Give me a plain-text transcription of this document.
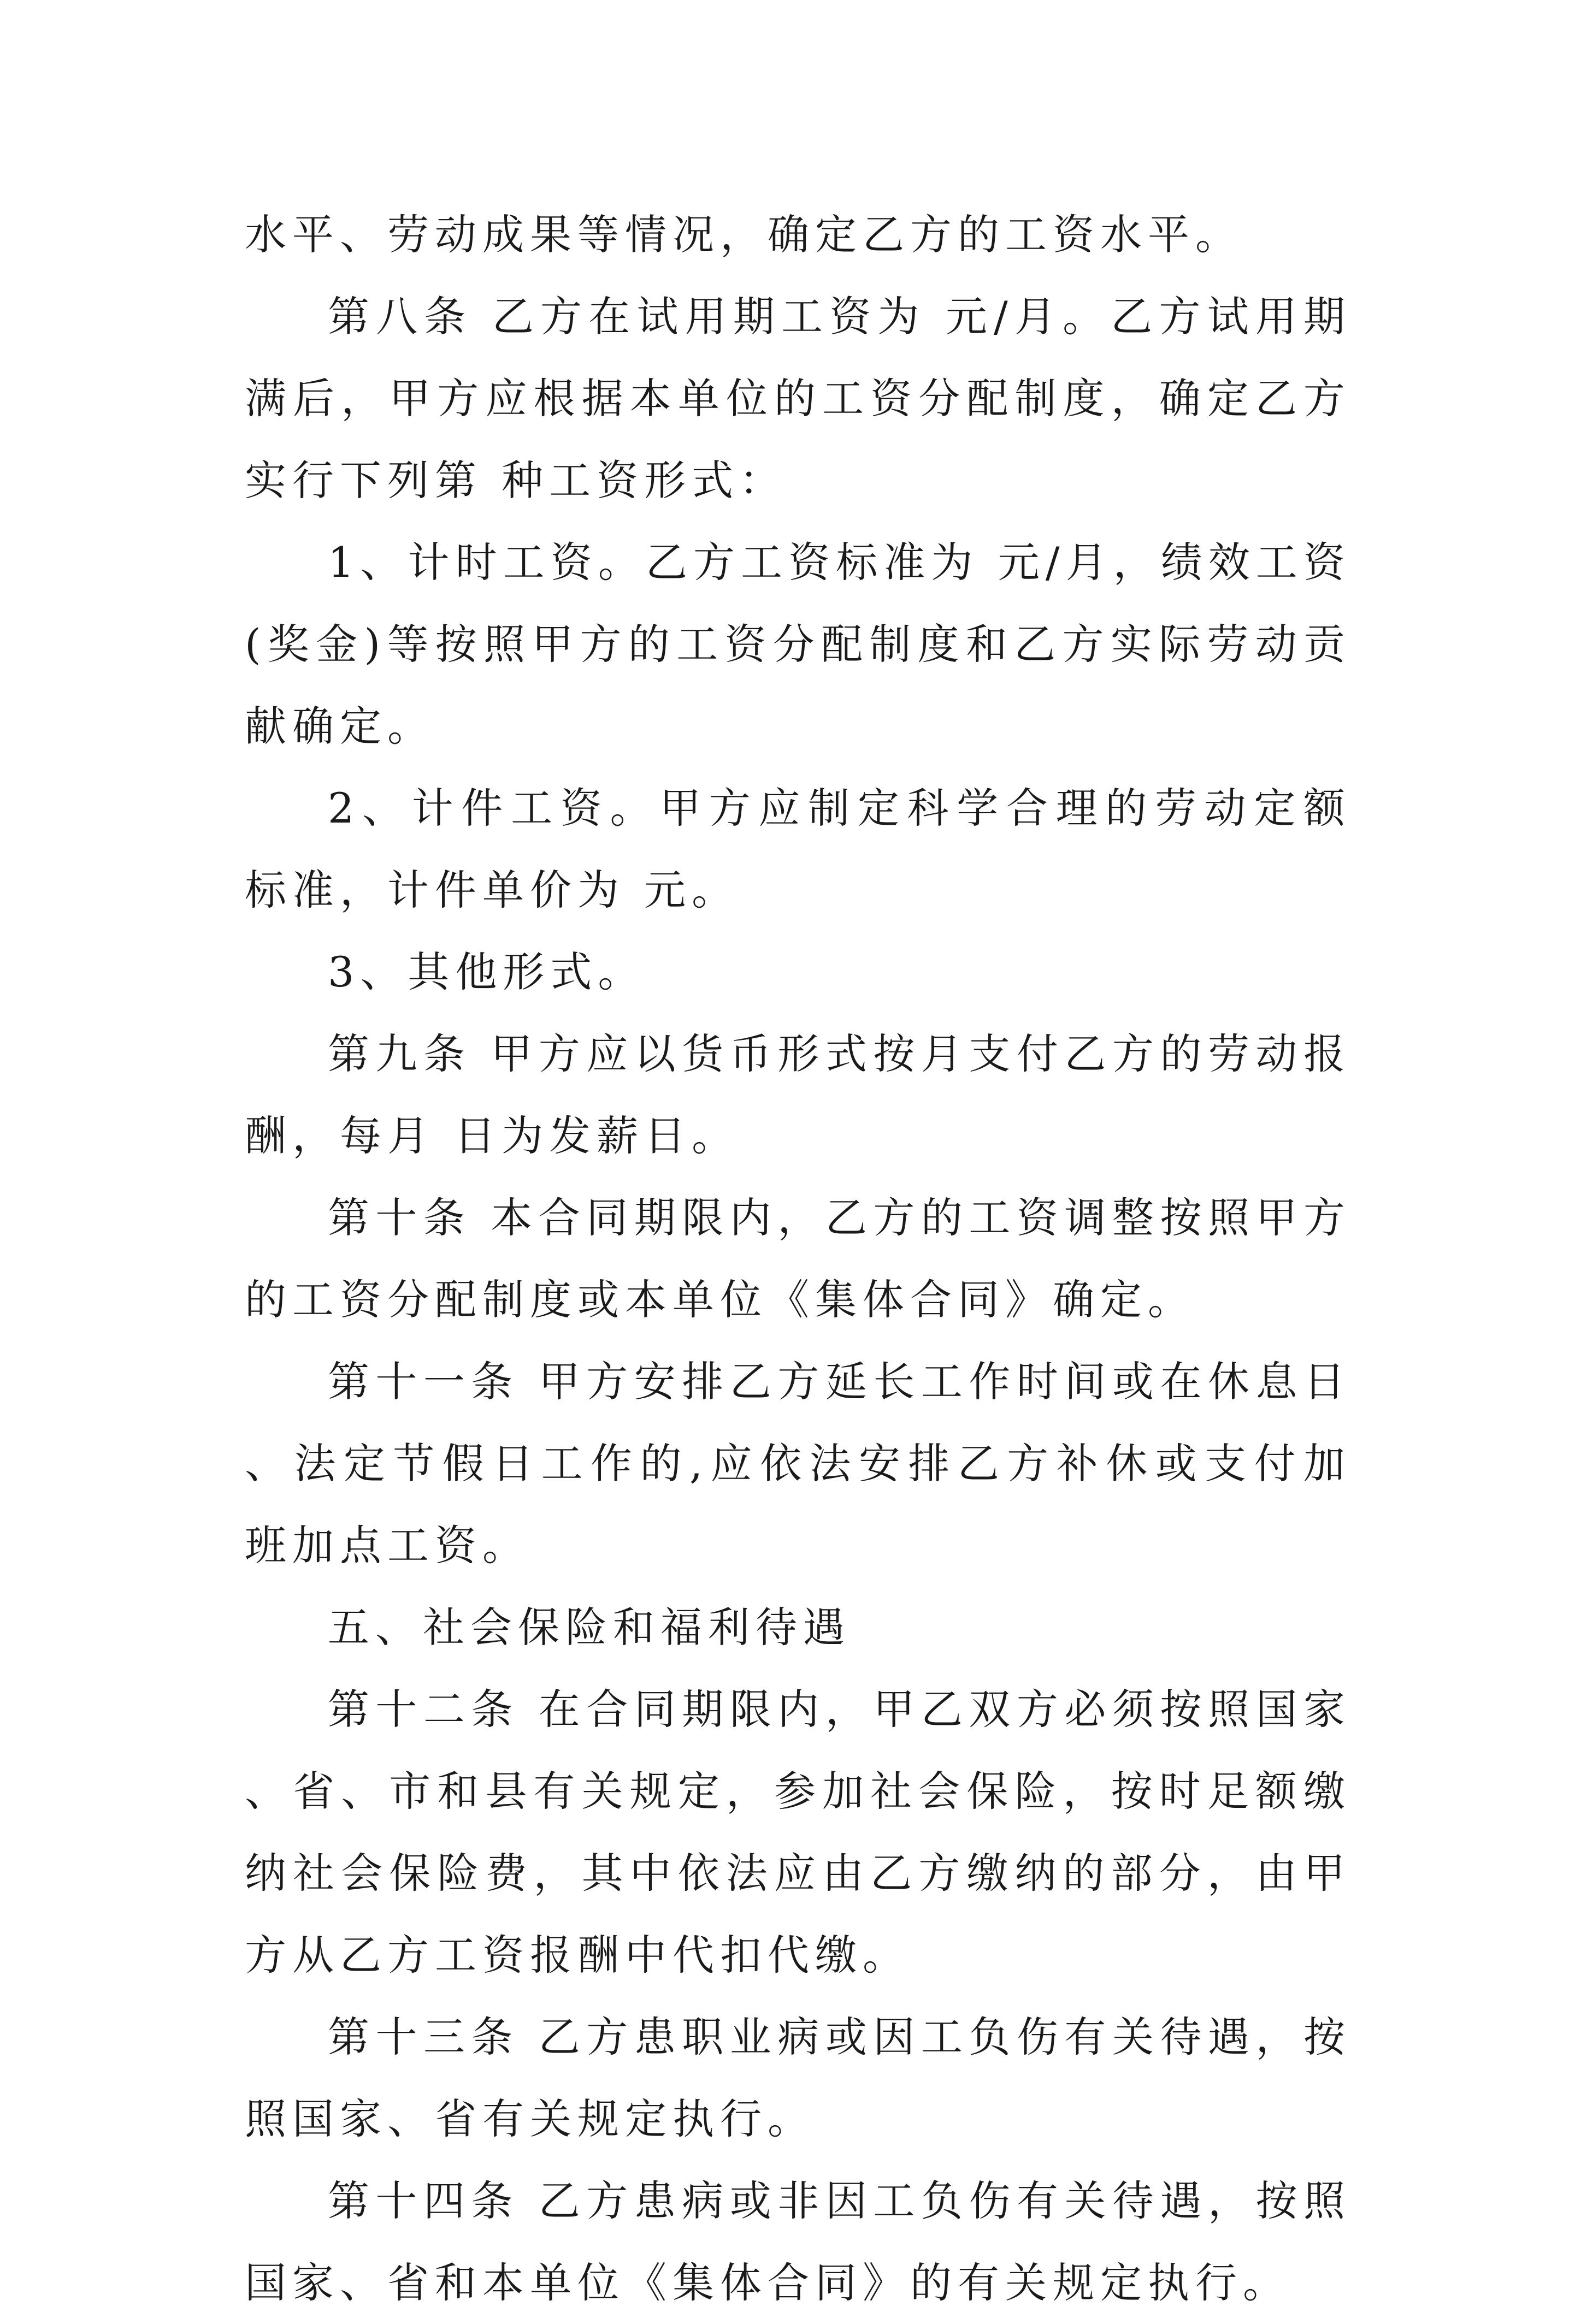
水平、劳动成果等情况，确定乙方的工资水平。

第八条 乙方在试用期工资为 元/月。乙方试用期满后，甲方应根据本单位的工资分配制度，确定乙方实行下列第 种工资形式：

1、计时工资。乙方工资标准为 元/月，绩效工资(奖金)等按照甲方的工资分配制度和乙方实际劳动贡献确定。

2、计件工资。甲方应制定科学合理的劳动定额标准，计件单价为 元。

3、其他形式。

第九条 甲方应以货币形式按月支付乙方的劳动报酬，每月 日为发薪日。

第十条 本合同期限内，乙方的工资调整按照甲方的工资分配制度或本单位《集体合同》确定。

第十一条 甲方安排乙方延长工作时间或在休息日、法定节假日工作的,应依法安排乙方补休或支付加班加点工资。

五、社会保险和福利待遇

第十二条 在合同期限内，甲乙双方必须按照国家、省、市和县有关规定，参加社会保险，按时足额缴纳社会保险费，其中依法应由乙方缴纳的部分，由甲方从乙方工资报酬中代扣代缴。

第十三条 乙方患职业病或因工负伤有关待遇，按照国家、省有关规定执行。

第十四条 乙方患病或非因工负伤有关待遇，按照国家、省和本单位《集体合同》的有关规定执行。
